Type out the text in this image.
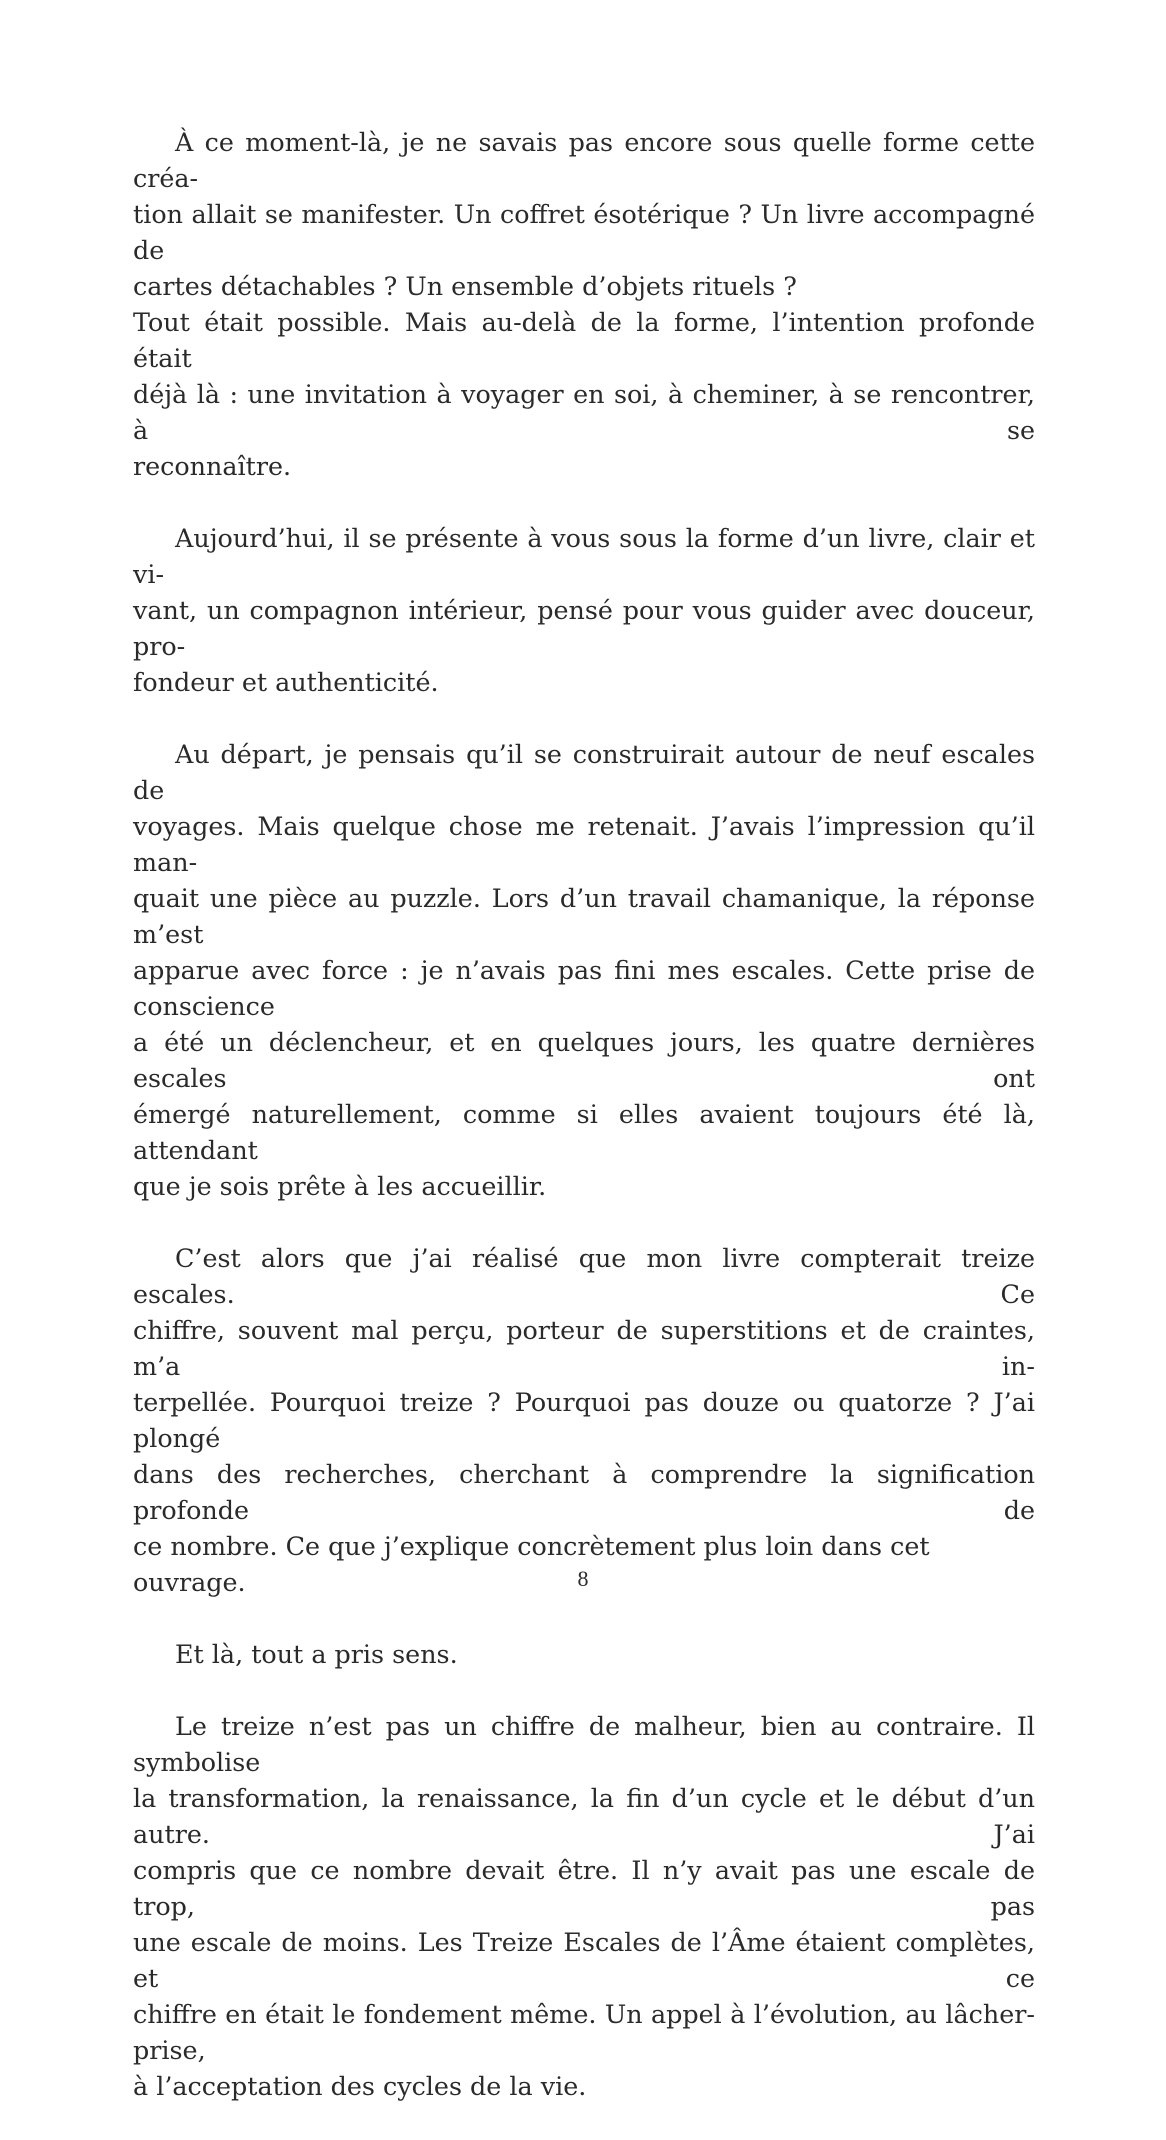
À ce moment-là, je ne savais pas encore sous quelle forme cette créa-
tion allait se manifester. Un coffret ésotérique ? Un livre accompagné de
cartes détachables ? Un ensemble d’objets rituels ?
Tout était possible. Mais au-delà de la forme, l’intention profonde était
déjà là : une invitation à voyager en soi, à cheminer, à se rencontrer, à se
reconnaître.

Aujourd’hui, il se présente à vous sous la forme d’un livre, clair et vi-
vant, un compagnon intérieur, pensé pour vous guider avec douceur, pro-
fondeur et authenticité.

Au départ, je pensais qu’il se construirait autour de neuf escales de
voyages. Mais quelque chose me retenait. J’avais l’impression qu’il man-
quait une pièce au puzzle. Lors d’un travail chamanique, la réponse m’est
apparue avec force : je n’avais pas fini mes escales. Cette prise de conscience
a été un déclencheur, et en quelques jours, les quatre dernières escales ont
émergé naturellement, comme si elles avaient toujours été là, attendant
que je sois prête à les accueillir.

C’est alors que j’ai réalisé que mon livre compterait treize escales. Ce
chiffre, souvent mal perçu, porteur de superstitions et de craintes, m’a in-
terpellée. Pourquoi treize ? Pourquoi pas douze ou quatorze ? J’ai plongé
dans des recherches, cherchant à comprendre la signification profonde de
ce nombre. Ce que j’explique concrètement plus loin dans cet ouvrage.

Et là, tout a pris sens.

Le treize n’est pas un chiffre de malheur, bien au contraire. Il symbolise
la transformation, la renaissance, la fin d’un cycle et le début d’un autre. J’ai
compris que ce nombre devait être. Il n’y avait pas une escale de trop, pas
une escale de moins. Les Treize Escales de l’Âme étaient complètes, et ce
chiffre en était le fondement même. Un appel à l’évolution, au lâcher-prise,
à l’acceptation des cycles de la vie.

8
